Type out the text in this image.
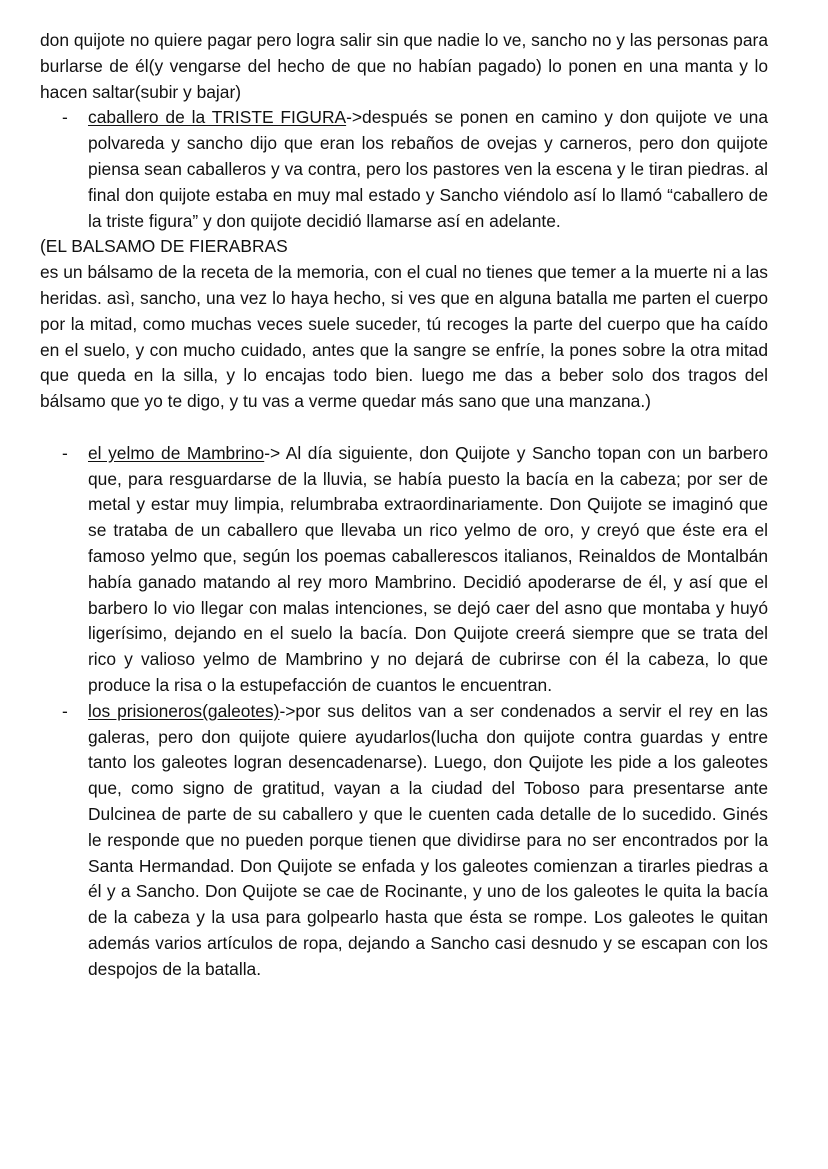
don quijote no quiere pagar pero logra salir sin que nadie lo ve, sancho no y las personas para burlarse de él(y vengarse del hecho de que no habían pagado) lo ponen en una manta y lo hacen saltar(subir y bajar)

- caballero de la TRISTE FIGURA->después se ponen en camino y don quijote ve una polvareda y sancho dijo que eran los rebaños de ovejas y carneros, pero don quijote piensa sean caballeros y va contra, pero los pastores ven la escena y le tiran piedras. al final don quijote estaba en muy mal estado y Sancho viéndolo así lo llamó “caballero de la triste figura” y don quijote decidió llamarse así en adelante.

(EL BALSAMO DE FIERABRAS

es un bálsamo de la receta de la memoria, con el cual no tienes que temer a la muerte ni a las heridas. asì, sancho, una vez lo haya hecho, si ves que en alguna batalla me parten el cuerpo por la mitad, como muchas veces suele suceder, tú recoges la parte del cuerpo que ha caído en el suelo, y con mucho cuidado, antes que la sangre se enfríe, la pones sobre la otra mitad que queda en la silla, y lo encajas todo bien. luego me das a beber solo dos tragos del bálsamo que yo te digo, y tu vas a verme quedar más sano que una manzana.)

- el yelmo de Mambrino-> Al día siguiente, don Quijote y Sancho topan con un barbero que, para resguardarse de la lluvia, se había puesto la bacía en la cabeza; por ser de metal y estar muy limpia, relumbraba extraordinariamente. Don Quijote se imaginó que se trataba de un caballero que llevaba un rico yelmo de oro, y creyó que éste era el famoso yelmo que, según los poemas caballerescos italianos, Reinaldos de Montalbán había ganado matando al rey moro Mambrino. Decidió apoderarse de él, y así que el barbero lo vio llegar con malas intenciones, se dejó caer del asno que montaba y huyó ligerísimo, dejando en el suelo la bacía. Don Quijote creerá siempre que se trata del rico y valioso yelmo de Mambrino y no dejará de cubrirse con él la cabeza, lo que produce la risa o la estupefacción de cuantos le encuentran.
- los prisioneros(galeotes)->por sus delitos van a ser condenados a servir el rey en las galeras, pero don quijote quiere ayudarlos(lucha don quijote contra guardas y entre tanto los galeotes logran desencadenarse). Luego, don Quijote les pide a los galeotes que, como signo de gratitud, vayan a la ciudad del Toboso para presentarse ante Dulcinea de parte de su caballero y que le cuenten cada detalle de lo sucedido. Ginés le responde que no pueden porque tienen que dividirse para no ser encontrados por la Santa Hermandad. Don Quijote se enfada y los galeotes comienzan a tirarles piedras a él y a Sancho. Don Quijote se cae de Rocinante, y uno de los galeotes le quita la bacía de la cabeza y la usa para golpearlo hasta que ésta se rompe. Los galeotes le quitan además varios artículos de ropa, dejando a Sancho casi desnudo y se escapan con los despojos de la batalla.
